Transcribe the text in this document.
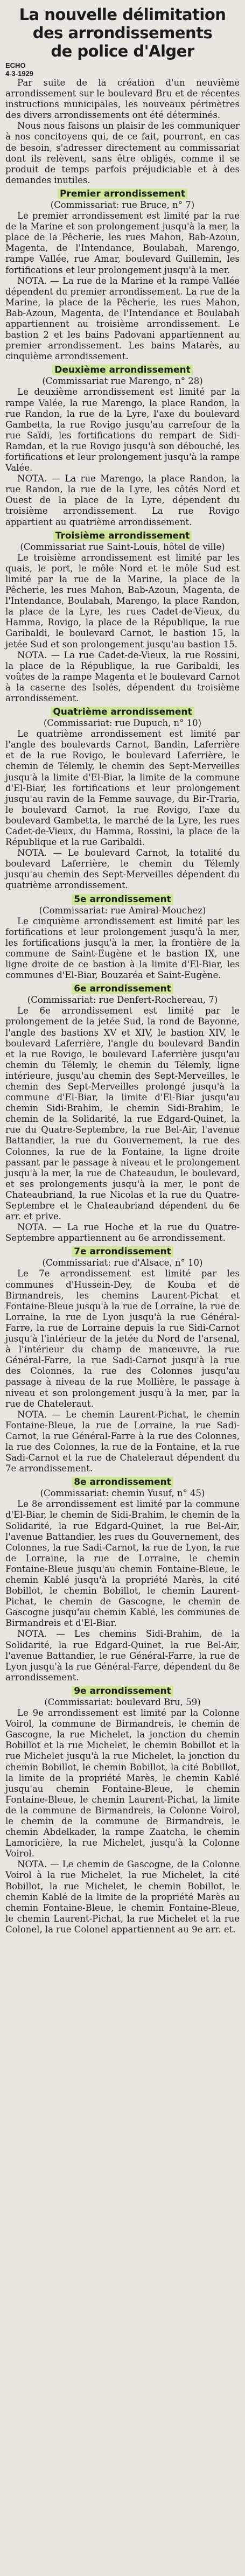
La nouvelle délimitation
des arrondissements
de police d'Alger
ECHO
4-3-1929

Par suite de la création d'un neuvième arrondissement sur le boulevard Bru et de récentes instructions municipales, les nouveaux périmètres des divers arrondissements ont été déterminés.

Nous nous faisons un plaisir de les communiquer à nos concitoyens qui, de ce fait, pourront, en cas de besoin, s'adresser directement au commissariat dont ils relèvent, sans être obligés, comme il se produit de temps parfois préjudiciable et à des demandes inutiles.

Premier arrondissement

(Commissariat: rue Bruce, n° 7)

Le premier arrondissement est limité par la rue de la Marine et son prolongement jusqu'à la mer, la place de la Pêcherie, les rues Mahon, Bab-Azoun, Magenta, de l'Intendance, Boulabah, Marengo, rampe Vallée, rue Amar, boulevard Guillemin, les fortifications et leur prolongement jusqu'à la mer.

NOTA. — La rue de la Marine et la rampe Vallée dépendent du premier arrondissement. La rue de la Marine, la place de la Pêcherie, les rues Mahon, Bab-Azoun, Magenta, de l'Intendance et Boulabah appartiennent au troisième arrondissement. Le bastion 2 et les bains Padovani appartiennent au premier arrondissement. Les bains Matarès, au cinquième arrondissement.

Deuxième arrondissement

(Commissariat rue Marengo, n° 28)

Le deuxième arrondissement est limité par la rampe Valée, la rue Marengo, la place Randon, la rue Randon, la rue de la Lyre, l'axe du boulevard Gambetta, la rue Rovigo jusqu'au carrefour de la rue Saïdi, les fortifications du rempart de Sidi-Ramdan, et la rue Rovigo jusqu'à son débouché, les fortifications et leur prolongement jusqu'à la rampe Valée.

NOTA. — La rue Marengo, la place Randon, la rue Randon, la rue de la Lyre, les côtés Nord et Ouest de la place de la Lyre, dépendent du troisième arrondissement. La rue Rovigo appartient au quatrième arrondissement.

Troisième arrondissement

(Commissariat rue Saint-Louis, hôtel de ville)

Le troisième arrondissement est limité par les quais, le port, le môle Nord et le môle Sud est limité par la rue de la Marine, la place de la Pêcherie, les rues Mahon, Bab-Azoun, Magenta, de l'Intendance, Boulabah, Marengo, la place Randon, la place de la Lyre, les rues Cadet-de-Vieux, du Hamma, Rovigo, la place de la République, la rue Garibaldi, le boulevard Carnot, le bastion 15, la jetée Sud et son prolongement jusqu'au bastion 15.

NOTA. — La rue Cadet-de-Vieux, la rue Rossini, la place de la République, la rue Garibaldi, les voûtes de la rampe Magenta et le boulevard Carnot à la caserne des Isolés, dépendent du troisième arrondissement.

Quatrième arrondissement

(Commissariat: rue Dupuch, n° 10)

Le quatrième arrondissement est limité par l'angle des boulevards Carnot, Bandin, Laferrière et de la rue Rovigo, le boulevard Laferrière, le chemin de Télemly, le chemin des Sept-Merveilles jusqu'à la limite d'El-Biar, la limite de la commune d'El-Biar, les fortifications et leur prolongement jusqu'au ravin de la Femme sauvage, du Bir-Traria, le boulevard Carnot, la rue Rovigo, l'axe du boulevard Gambetta, le marché de la Lyre, les rues Cadet-de-Vieux, du Hamma, Rossini, la place de la République et la rue Garibaldi.

NOTA. — Le boulevard Carnot, la totalité du boulevard Laferrière, le chemin du Télemly jusqu'au chemin des Sept-Merveilles dépendent du quatrième arrondissement.

5e arrondissement

(Commissariat: rue Amiral-Mouchez)

Le cinquième arrondissement est limité par les fortifications et leur prolongement jusqu'à la mer, les fortifications jusqu'à la mer, la frontière de la commune de Saint-Eugène et le bastion IX, une ligne droite de ce bastion à la limite d'El-Biar, les communes d'El-Biar, Bouzaréa et Saint-Eugène.

6e arrondissement

(Commissariat: rue Denfert-Rochereau, 7)

Le 6e arrondissement est limité par le prolongement de la jetée Sud, la rond de Bayonne, l'angle des bastions XV et XIV, le bastion XIV, le boulevard Laferrière, l'angle du boulevard Bandin et la rue Rovigo, le boulevard Laferrière jusqu'au chemin du Télemly, le chemin du Télemly, ligne intérieure, jusqu'au chemin des Sept-Merveilles, le chemin des Sept-Merveilles prolongé jusqu'à la commune d'El-Biar, la limite d'El-Biar jusqu'au chemin Sidi-Brahim, le chemin Sidi-Brahim, le chemin de la Solidarité, la rue Edgard-Quinet, la rue du Quatre-Septembre, la rue Bel-Air, l'avenue Battandier, la rue du Gouvernement, la rue des Colonnes, la rue de la Fontaine, la ligne droite passant par le passage à niveau et le prolongement jusqu'à la mer, la rue de Chateaudun, le boulevard, et ses prolongements jusqu'à la mer, le pont de Chateaubriand, la rue Nicolas et la rue du Quatre-Septembre et le Chateaubriand dépendent du 6e arr. et prive.

NOTA. — La rue Hoche et la rue du Quatre-Septembre appartiennent au 6e arrondissement.

7e arrondissement

(Commissariat: rue d'Alsace, n° 10)

Le 7e arrondissement est limité par les communes d'Hussein-Dey, de Kouba et de Birmandreis, les chemins Laurent-Pichat et Fontaine-Bleue jusqu'à la rue de Lorraine, la rue de Lorraine, la rue de Lyon jusqu'à la rue Général-Farre, la rue de Lorraine depuis la rue Sidi-Carnot jusqu'à l'intérieur de la jetée du Nord de l'arsenal, à l'intérieur du champ de manœuvre, la rue Général-Farre, la rue Sadi-Carnot jusqu'à la rue des Colonnes, la rue des Colonnes jusqu'au passage à niveau de la rue Mollière, le passage à niveau et son prolongement jusqu'à la mer, par la rue de Chateleraut.

NOTA. — Le chemin Laurent-Pichat, le chemin Fontaine-Bleue, la rue de Lorraine, la rue Sadi-Carnot, la rue Général-Farre à la rue des Colonnes, la rue des Colonnes, la rue de la Fontaine, et la rue Sadi-Carnot et la rue de Chateleraut dépendent du 7e arrondissement.

8e arrondissement

(Commissariat: chemin Yusuf, n° 45)

Le 8e arrondissement est limité par la commune d'El-Biar, le chemin de Sidi-Brahim, le chemin de la Solidarité, la rue Edgard-Quinet, la rue Bel-Air, l'avenue Battandier, les rues du Gouvernement, des Colonnes, la rue Sadi-Carnot, la rue de Lyon, la rue de Lorraine, la rue de Lorraine, le chemin Fontaine-Bleue jusqu'au chemin Fontaine-Bleue, le chemin Kablé jusqu'à la propriété Marès, la cité Bobillot, le chemin Bobillot, le chemin Laurent-Pichat, le chemin de Gascogne, le chemin de Gascogne jusqu'au chemin Kablé, les communes de Birmandreis et d'El-Biar.

NOTA. — Les chemins Sidi-Brahim, de la Solidarité, la rue Edgard-Quinet, la rue Bel-Air, l'avenue Battandier, le rue Général-Farre, la rue de Lyon jusqu'à la rue Général-Farre, dépendent du 8e arrondissement.

9e arrondissement

(Commissariat: boulevard Bru, 59)

Le 9e arrondissement est limité par la Colonne Voirol, la commune de Birmandreis, le chemin de Gascogne, la rue Michelet, la jonction du chemin Bobillot et la rue Michelet, le chemin Bobillot et la rue Michelet jusqu'à la rue Michelet, la jonction du chemin Bobillot, le chemin Bobillot, la cité Bobillot, la limite de la propriété Marès, le chemin Kablé jusqu'au chemin Fontaine-Bleue, le chemin Fontaine-Bleue, le chemin Laurent-Pichat, la limite de la commune de Birmandreis, la Colonne Voirol, le chemin de la commune de Birmandreis, le chemin Abdelkader, la rampe Zaatcha, le chemin Lamoricière, la rue Michelet, jusqu'à la Colonne Voirol.

NOTA. — Le chemin de Gascogne, de la Colonne Voirol à la rue Michelet, la rue Michelet, la cité Bobillot, la rue Michelet, le chemin Bobillot, le chemin Kablé de la limite de la propriété Marès au chemin Fontaine-Bleue, le chemin Fontaine-Bleue, le chemin Laurent-Pichat, la rue Michelet et la rue Colonel, la rue Colonel appartiennent au 9e arr. et.
